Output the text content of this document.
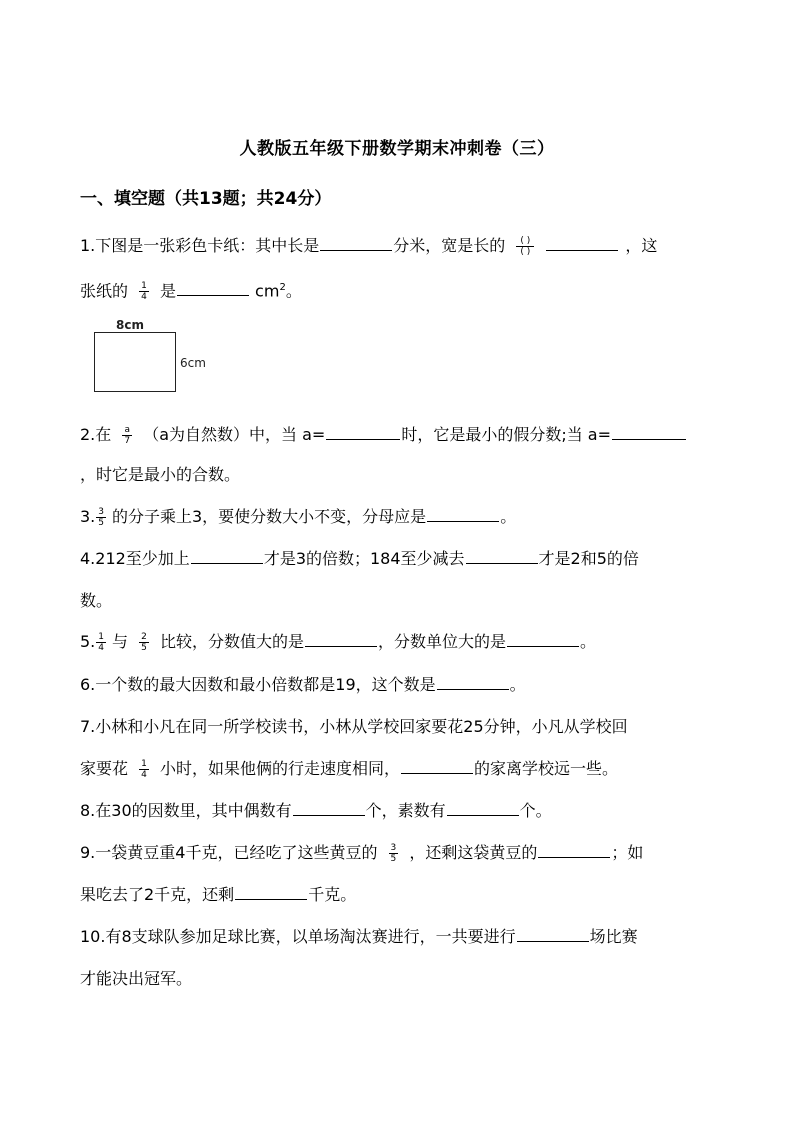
人教版五年级下册数学期末冲刺卷（三）
一、填空题（共13题；共24分）
1.下图是一张彩色卡纸：其中长是	分米，宽是长的 $\frac{( )}{( )}$	，这
张纸的 $\frac{1}{4}$ 是	$cm^2$。
8cm
6cm
2.在 $\frac{a}{7} (a$为自然数）中，当 a=	时，它是最小的假分数;当 a=
，时它是最小的合数。
3. $\frac{3}{5}$ 的分子乘上3，要使分数大小不变，分母应是	。
4.212至少加上	才是3的倍数；184至少减去	才是2和5的倍
数。
5. $\frac{1}{4}$ 与 $\frac{2}{5}$ 比较，分数值大的是	，分数单位大的是	。
6.一个数的最大因数和最小倍数都是19，这个数是	。
7.小林和小凡在同一所学校读书，小林从学校回家要花25分钟，小凡从学校回
家要花 $\frac{1}{4}$ 小时，如果他俩的行走速度相同，	的家离学校远一些。
8.在30的因数里，其中偶数有	个，素数有	个。
9.一袋黄豆重4千克，已经吃了这些黄豆的 $\frac{3}{5}$ ，还剩这袋黄豆的	；如
果吃去了2千克，还剩	千克。
10.有8支球队参加足球比赛，以单场淘汰赛进行，一共要进行	场比赛
才能决出冠军。
